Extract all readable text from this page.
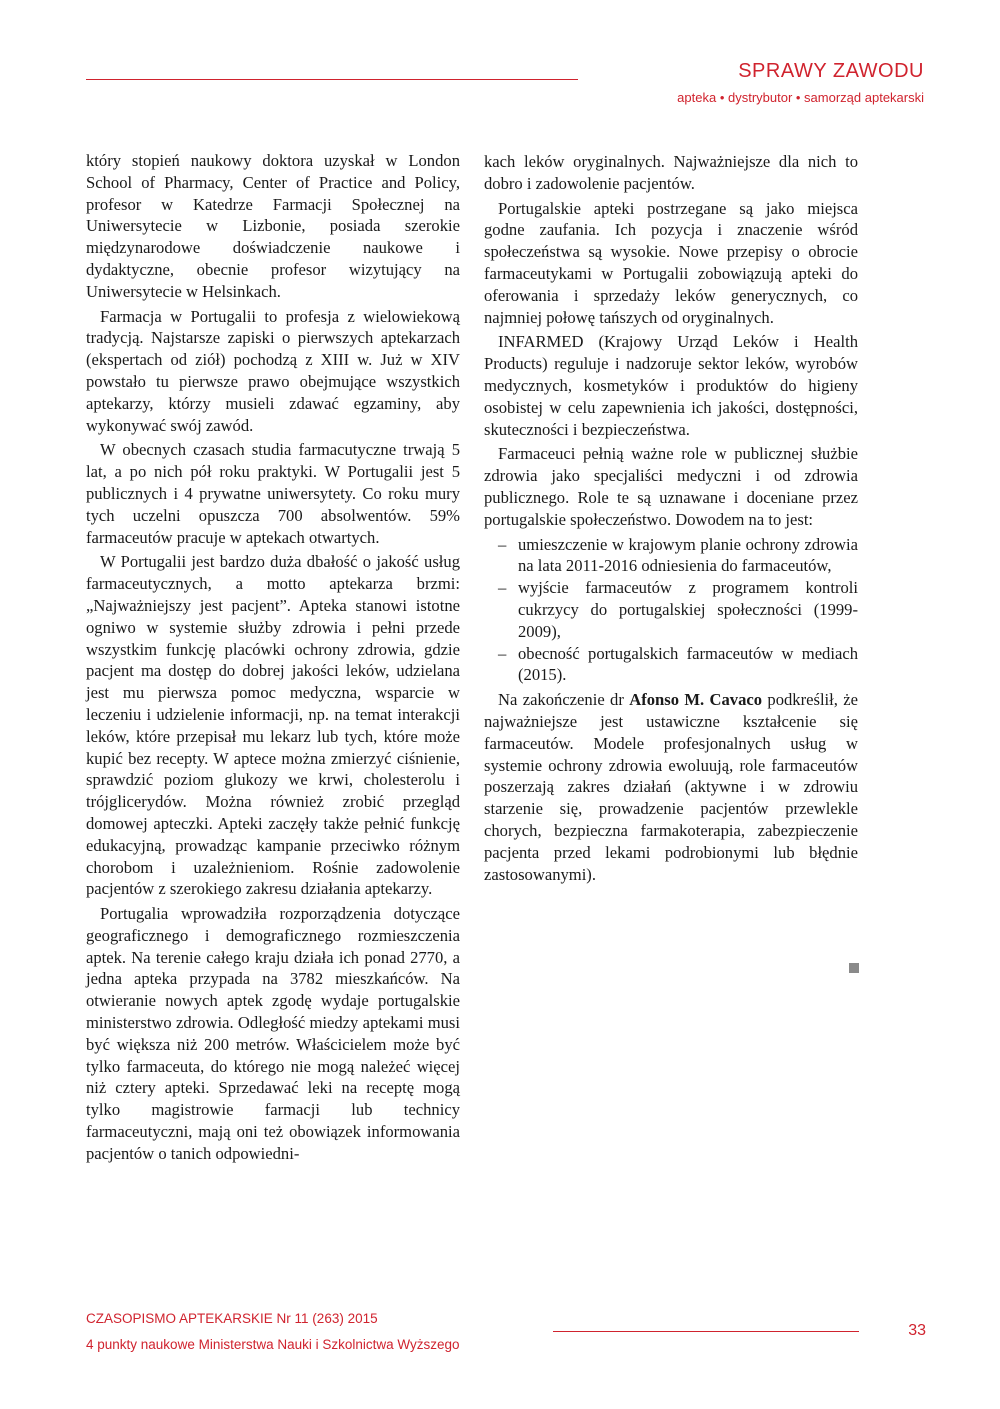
SPRAWY ZAWODU
apteka • dystrybutor • samorząd aptekarski

który stopień naukowy doktora uzyskał w London School of Pharmacy, Center of Practice and Policy, profesor w Katedrze Farmacji Społecznej na Uniwersytecie w Lizbonie, posiada szerokie międzynarodowe doświadczenie naukowe i dydaktyczne, obecnie profesor wizytujący na Uniwersytecie w Helsinkach.

Farmacja w Portugalii to profesja z wielowiekową tradycją. Najstarsze zapiski o pierwszych aptekarzach (ekspertach od ziół) pochodzą z XIII w. Już w XIV powstało tu pierwsze prawo obejmujące wszystkich aptekarzy, którzy musieli zdawać egzaminy, aby wykonywać swój zawód.

W obecnych czasach studia farmacutyczne trwają 5 lat, a po nich pół roku praktyki. W Portugalii jest 5 publicznych i 4 prywatne uniwersytety. Co roku mury tych uczelni opuszcza 700 absolwentów. 59% farmaceutów pracuje w aptekach otwartych.

W Portugalii jest bardzo duża dbałość o jakość usług farmaceutycznych, a motto aptekarza brzmi: „Najważniejszy jest pacjent”. Apteka stanowi istotne ogniwo w systemie służby zdrowia i pełni przede wszystkim funkcję placówki ochrony zdrowia, gdzie pacjent ma dostęp do dobrej jakości leków, udzielana jest mu pierwsza pomoc medyczna, wsparcie w leczeniu i udzielenie informacji, np. na temat interakcji leków, które przepisał mu lekarz lub tych, które może kupić bez recepty. W aptece można zmierzyć ciśnienie, sprawdzić poziom glukozy we krwi, cholesterolu i trójglicerydów. Można również zrobić przegląd domowej apteczki. Apteki zaczęły także pełnić funkcję edukacyjną, prowadząc kampanie przeciwko różnym chorobom i uzależnieniom. Rośnie zadowolenie pacjentów z szerokiego zakresu działania aptekarzy.

Portugalia wprowadziła rozporządzenia dotyczące geograficznego i demograficznego rozmieszczenia aptek. Na terenie całego kraju działa ich ponad 2770, a jedna apteka przypada na 3782 mieszkańców. Na otwieranie nowych aptek zgodę wydaje portugalskie ministerstwo zdrowia. Odległość miedzy aptekami musi być większa niż 200 metrów. Właścicielem może być tylko farmaceuta, do którego nie mogą należeć więcej niż cztery apteki. Sprzedawać leki na receptę mogą tylko magistrowie farmacji lub technicy farmaceutyczni, mają oni też obowiązek informowania pacjentów o tanich odpowiedni-

kach leków oryginalnych. Najważniejsze dla nich to dobro i zadowolenie pacjentów.

Portugalskie apteki postrzegane są jako miejsca godne zaufania. Ich pozycja i znaczenie wśród społeczeństwa są wysokie. Nowe przepisy o obrocie farmaceutykami w Portugalii zobowiązują apteki do oferowania i sprzedaży leków generycznych, co najmniej połowę tańszych od oryginalnych.

INFARMED (Krajowy Urząd Leków i Health Products) reguluje i nadzoruje sektor leków, wyrobów medycznych, kosmetyków i produktów do higieny osobistej w celu zapewnienia ich jakości, dostępności, skuteczności i bezpieczeństwa.

Farmaceuci pełnią ważne role w publicznej służbie zdrowia jako specjaliści medyczni i od zdrowia publicznego. Role te są uznawane i doceniane przez portugalskie społeczeństwo. Dowodem na to jest:

– umieszczenie w krajowym planie ochrony zdrowia na lata 2011-2016 odniesienia do farmaceutów,
– wyjście farmaceutów z programem kontroli cukrzycy do portugalskiej społeczności (1999-2009),
– obecność portugalskich farmaceutów w mediach (2015).

Na zakończenie dr Afonso M. Cavaco podkreślił, że najważniejsze jest ustawiczne kształcenie się farmaceutów. Modele profesjonalnych usług w systemie ochrony zdrowia ewoluują, role farmaceutów poszerzają zakres działań (aktywne i w zdrowiu starzenie się, prowadzenie pacjentów przewlekle chorych, bezpieczna farmakoterapia, zabezpieczenie pacjenta przed lekami podrobionymi lub błędnie zastosowanymi).

CZASOPISMO APTEKARSKIE Nr 11 (263) 2015
4 punkty naukowe Ministerstwa Nauki i Szkolnictwa Wyższego
33
